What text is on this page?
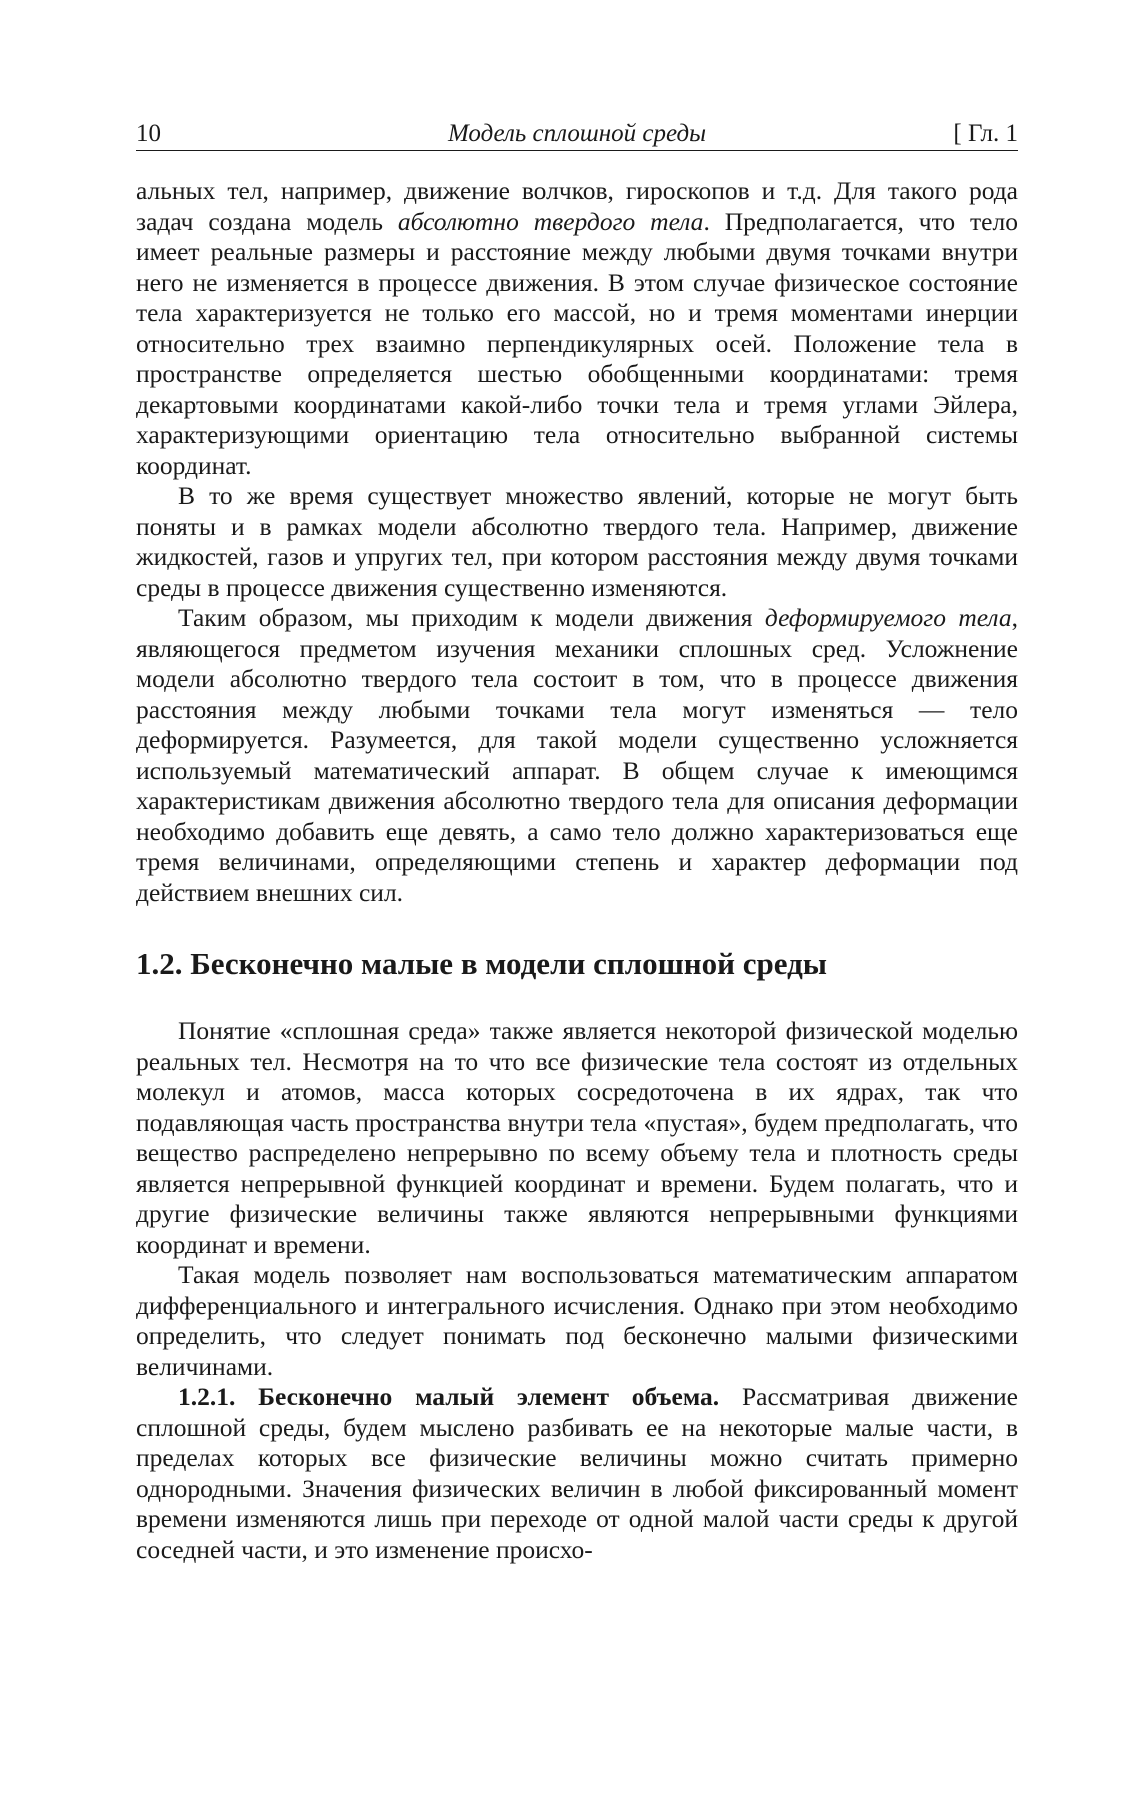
10	Модель сплошной среды	[ Гл. 1

альных тел, например, движение волчков, гироскопов и т.д. Для такого рода задач создана модель абсолютно твердого тела. Предполагается, что тело имеет реальные размеры и расстояние между любыми двумя точками внутри него не изменяется в процессе движения. В этом случае физическое состояние тела характеризуется не только его массой, но и тремя моментами инерции относительно трех взаимно перпендикулярных осей. Положение тела в пространстве определяется шестью обобщенными координатами: тремя декартовыми координатами какой-либо точки тела и тремя углами Эйлера, характеризующими ориентацию тела относительно выбранной системы координат.

В то же время существует множество явлений, которые не могут быть поняты и в рамках модели абсолютно твердого тела. Например, движение жидкостей, газов и упругих тел, при котором расстояния между двумя точками среды в процессе движения существенно изменяются.

Таким образом, мы приходим к модели движения деформируемого тела, являющегося предметом изучения механики сплошных сред. Усложнение модели абсолютно твердого тела состоит в том, что в процессе движения расстояния между любыми точками тела могут изменяться — тело деформируется. Разумеется, для такой модели существенно усложняется используемый математический аппарат. В общем случае к имеющимся характеристикам движения абсолютно твердого тела для описания деформации необходимо добавить еще девять, а само тело должно характеризоваться еще тремя величинами, определяющими степень и характер деформации под действием внешних сил.

1.2. Бесконечно малые в модели сплошной среды

Понятие «сплошная среда» также является некоторой физической моделью реальных тел. Несмотря на то что все физические тела состоят из отдельных молекул и атомов, масса которых сосредоточена в их ядрах, так что подавляющая часть пространства внутри тела «пустая», будем предполагать, что вещество распределено непрерывно по всему объему тела и плотность среды является непрерывной функцией координат и времени. Будем полагать, что и другие физические величины также являются непрерывными функциями координат и времени.

Такая модель позволяет нам воспользоваться математическим аппаратом дифференциального и интегрального исчисления. Однако при этом необходимо определить, что следует понимать под бесконечно малыми физическими величинами.

1.2.1. Бесконечно малый элемент объема. Рассматривая движение сплошной среды, будем мыслено разбивать ее на некоторые малые части, в пределах которых все физические величины можно считать примерно однородными. Значения физических величин в любой фиксированный момент времени изменяются лишь при переходе от одной малой части среды к другой соседней части, и это изменение происхо-
